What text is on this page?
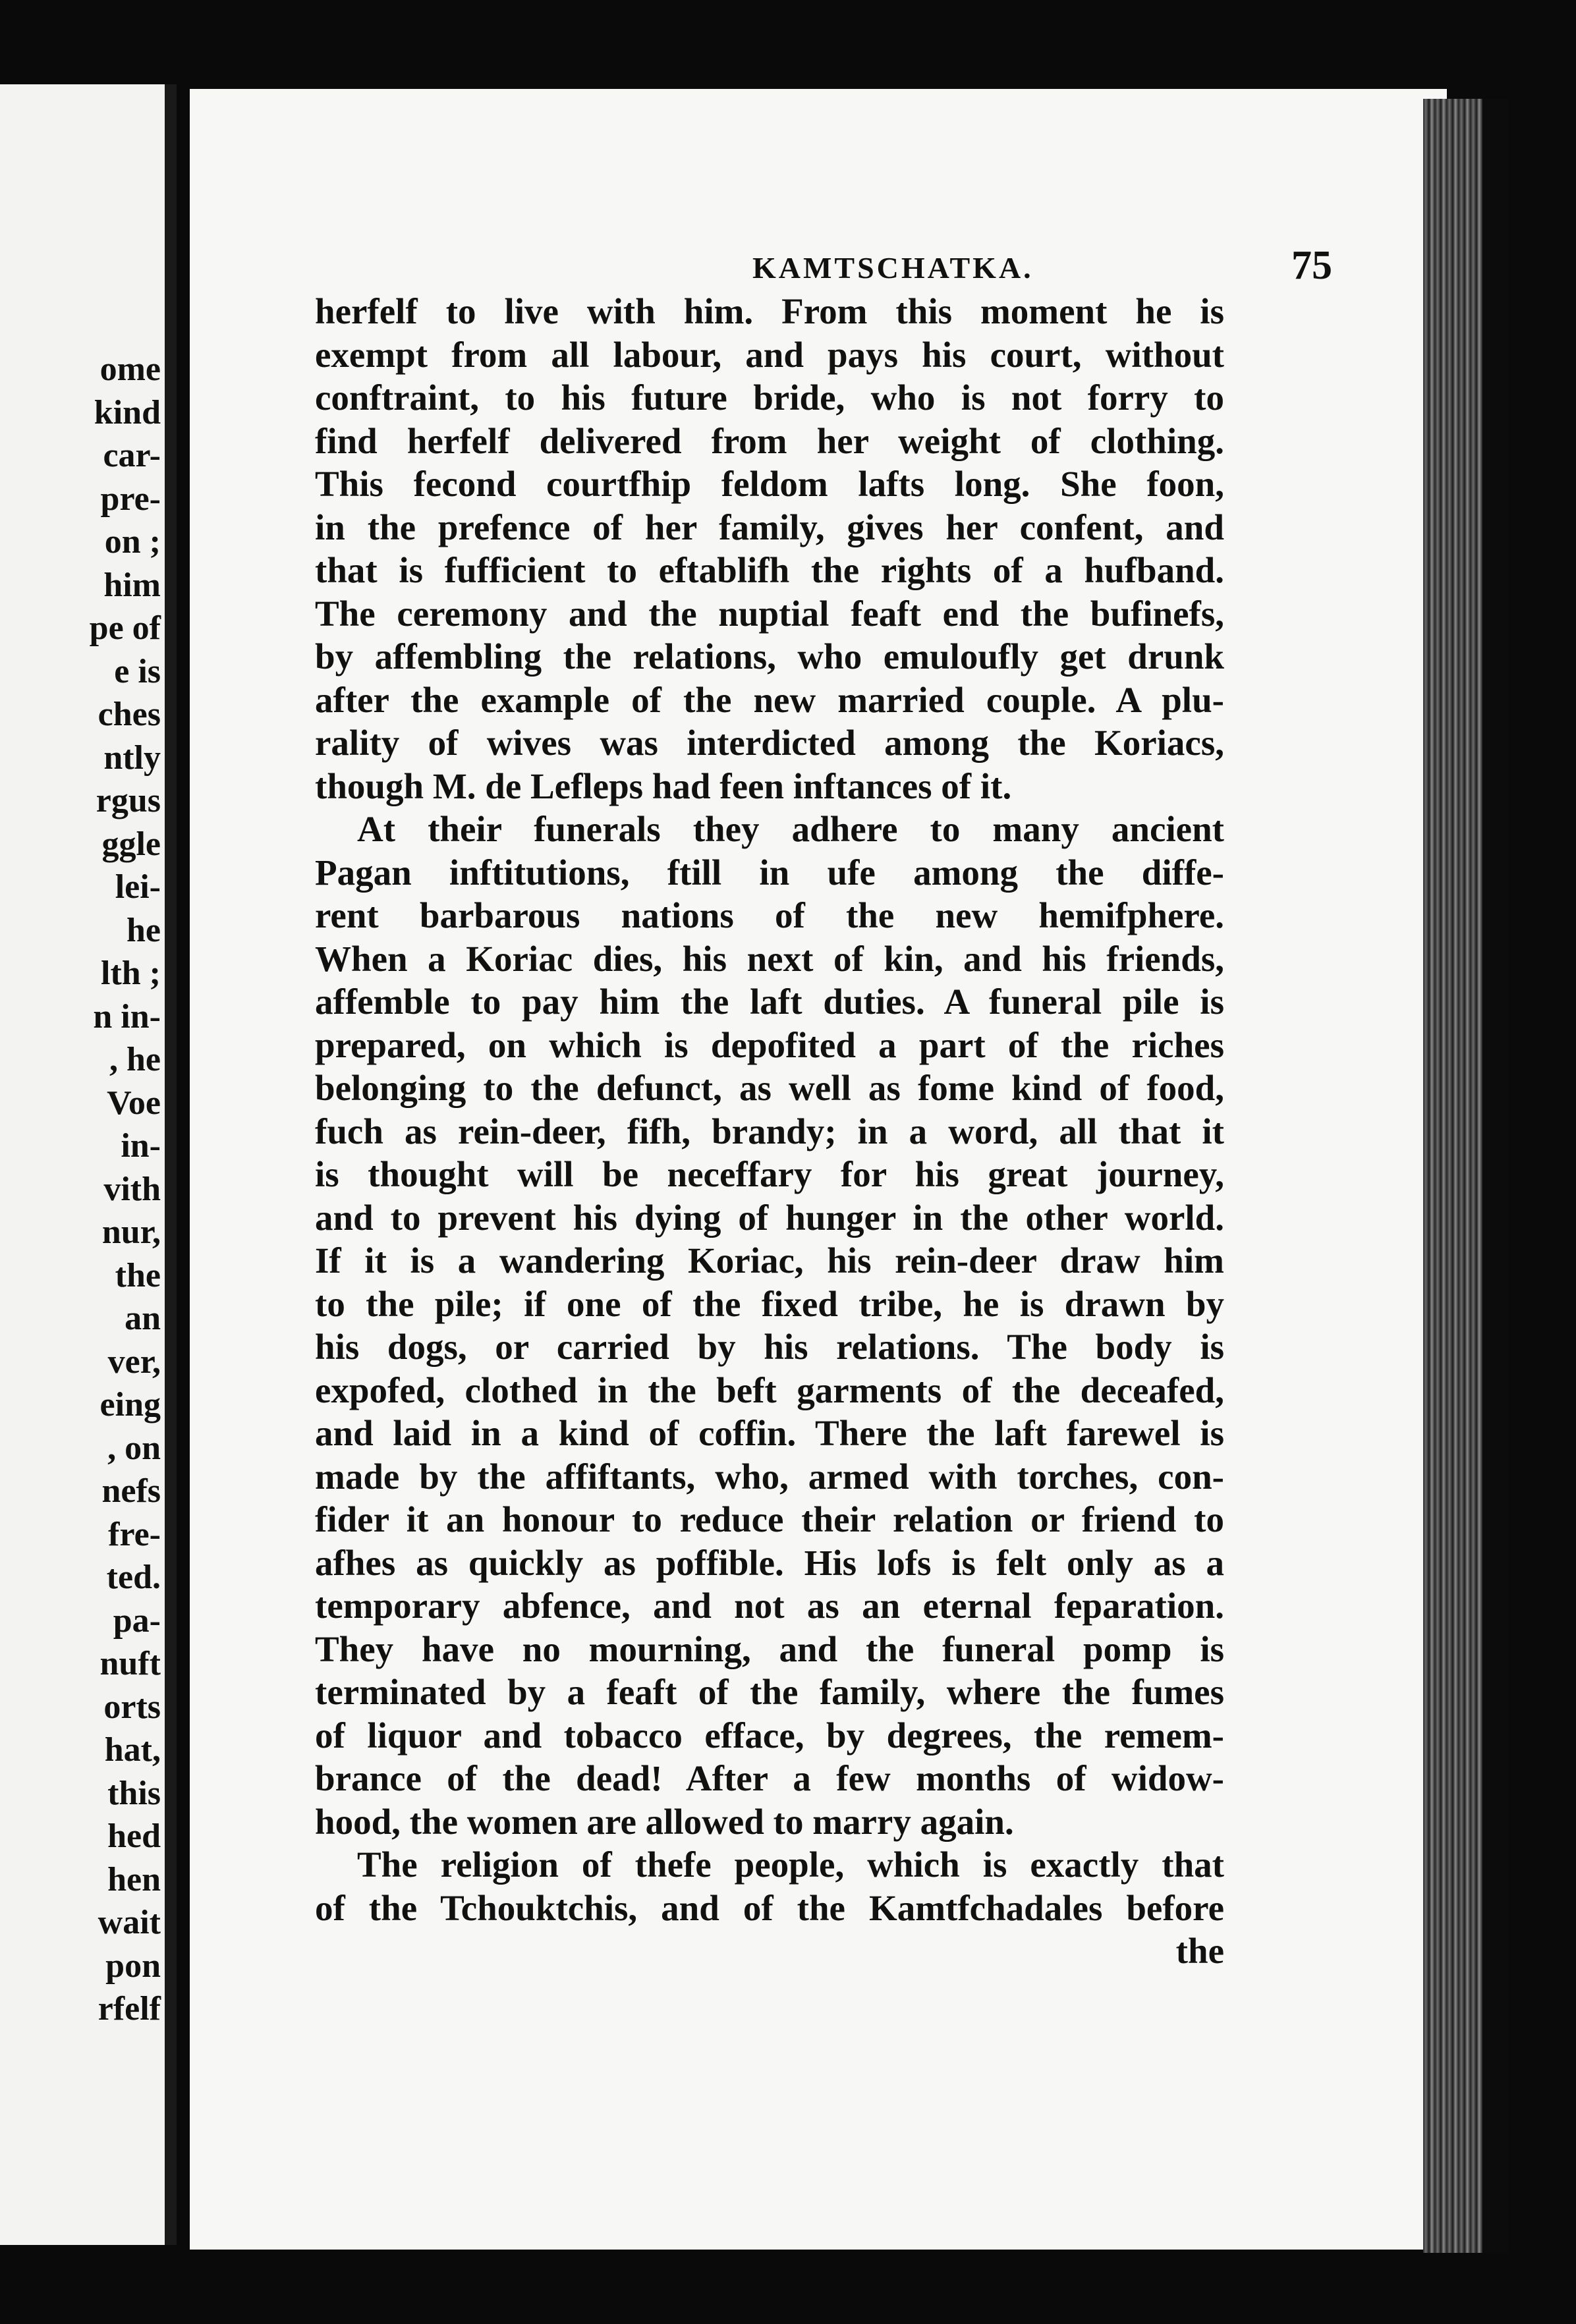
ome
kind
car-
pre-
on ;
him
pe of
e is
ches
ntly
rgus
ggle
lei-
he
lth ;
n in-
, he
Voe
in-
vith
nur,
the
an
ver,
eing
, on
nefs
fre-
ted.
pa-
nuft
orts
hat,
this
hed
hen
wait
pon
rfelf
KAMTSCHATKA.	75
herfelf to live with him. From this moment he is
exempt from all labour, and pays his court, without
conftraint, to his future bride, who is not forry to
find herfelf delivered from her weight of clothing.
This fecond courtfhip feldom lafts long. She foon,
in the prefence of her family, gives her confent, and
that is fufficient to eftablifh the rights of a hufband.
The ceremony and the nuptial feaft end the bufinefs,
by affembling the relations, who emuloufly get drunk
after the example of the new married couple. A plu-
rality of wives was interdicted among the Koriacs,
though M. de Lefleps had feen inftances of it.
At their funerals they adhere to many ancient
Pagan inftitutions, ftill in ufe among the diffe-
rent barbarous nations of the new hemifphere.
When a Koriac dies, his next of kin, and his friends,
affemble to pay him the laft duties. A funeral pile is
prepared, on which is depofited a part of the riches
belonging to the defunct, as well as fome kind of food,
fuch as rein-deer, fifh, brandy; in a word, all that it
is thought will be neceffary for his great journey,
and to prevent his dying of hunger in the other world.
If it is a wandering Koriac, his rein-deer draw him
to the pile; if one of the fixed tribe, he is drawn by
his dogs, or carried by his relations. The body is
expofed, clothed in the beft garments of the deceafed,
and laid in a kind of coffin. There the laft farewel is
made by the affiftants, who, armed with torches, con-
fider it an honour to reduce their relation or friend to
afhes as quickly as poffible. His lofs is felt only as a
temporary abfence, and not as an eternal feparation.
They have no mourning, and the funeral pomp is
terminated by a feaft of the family, where the fumes
of liquor and tobacco efface, by degrees, the remem-
brance of the dead! After a few months of widow-
hood, the women are allowed to marry again.
The religion of thefe people, which is exactly that
of the Tchouktchis, and of the Kamtfchadales before
the
